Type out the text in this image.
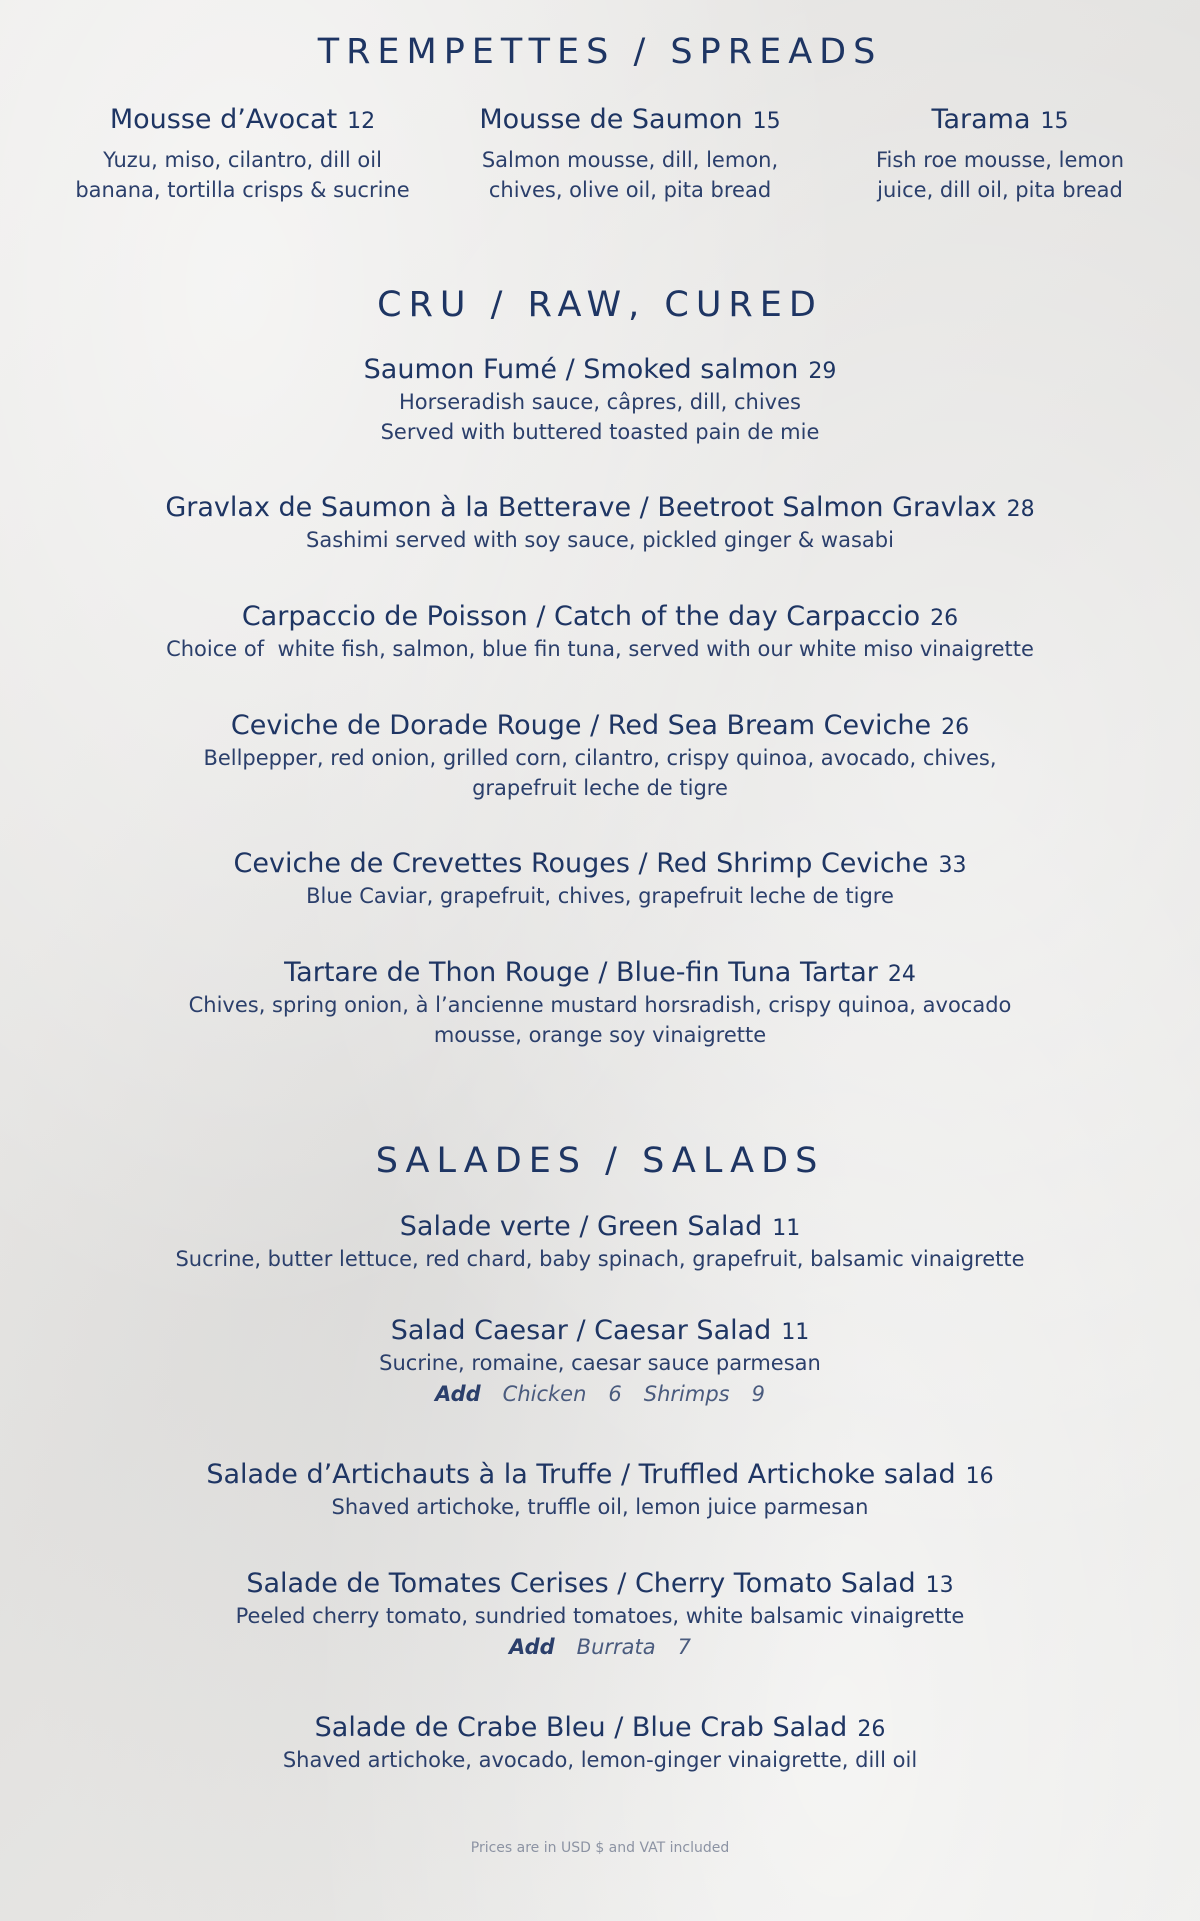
TREMPETTES / SPREADS
Mousse d’Avocat 12
Yuzu, miso, cilantro, dill oil
banana, tortilla crisps & sucrine
Mousse de Saumon 15
Salmon mousse, dill, lemon,
chives, olive oil, pita bread
Tarama 15
Fish roe mousse, lemon
juice, dill oil, pita bread
CRU / RAW, CURED
Saumon Fumé / Smoked salmon 29
Horseradish sauce, câpres, dill, chives
Served with buttered toasted pain de mie
Gravlax de Saumon à la Betterave / Beetroot Salmon Gravlax 28
Sashimi served with soy sauce, pickled ginger & wasabi
Carpaccio de Poisson / Catch of the day Carpaccio 26
Choice of  white fish, salmon, blue fin tuna, served with our white miso vinaigrette
Ceviche de Dorade Rouge / Red Sea Bream Ceviche 26
Bellpepper, red onion, grilled corn, cilantro, crispy quinoa, avocado, chives,
grapefruit leche de tigre
Ceviche de Crevettes Rouges / Red Shrimp Ceviche 33
Blue Caviar, grapefruit, chives, grapefruit leche de tigre
Tartare de Thon Rouge / Blue-fin Tuna Tartar 24
Chives, spring onion, à l’ancienne mustard horsradish, crispy quinoa, avocado
mousse, orange soy vinaigrette
SALADES / SALADS
Salade verte / Green Salad 11
Sucrine, butter lettuce, red chard, baby spinach, grapefruit, balsamic vinaigrette
Salad Caesar / Caesar Salad 11
Sucrine, romaine, caesar sauce parmesan
Add Chicken 6 Shrimps 9
Salade d’Artichauts à la Truffe / Truffled Artichoke salad 16
Shaved artichoke, truffle oil, lemon juice parmesan
Salade de Tomates Cerises / Cherry Tomato Salad 13
Peeled cherry tomato, sundried tomatoes, white balsamic vinaigrette
Add Burrata 7
Salade de Crabe Bleu / Blue Crab Salad 26
Shaved artichoke, avocado, lemon-ginger vinaigrette, dill oil
Prices are in USD $ and VAT included
